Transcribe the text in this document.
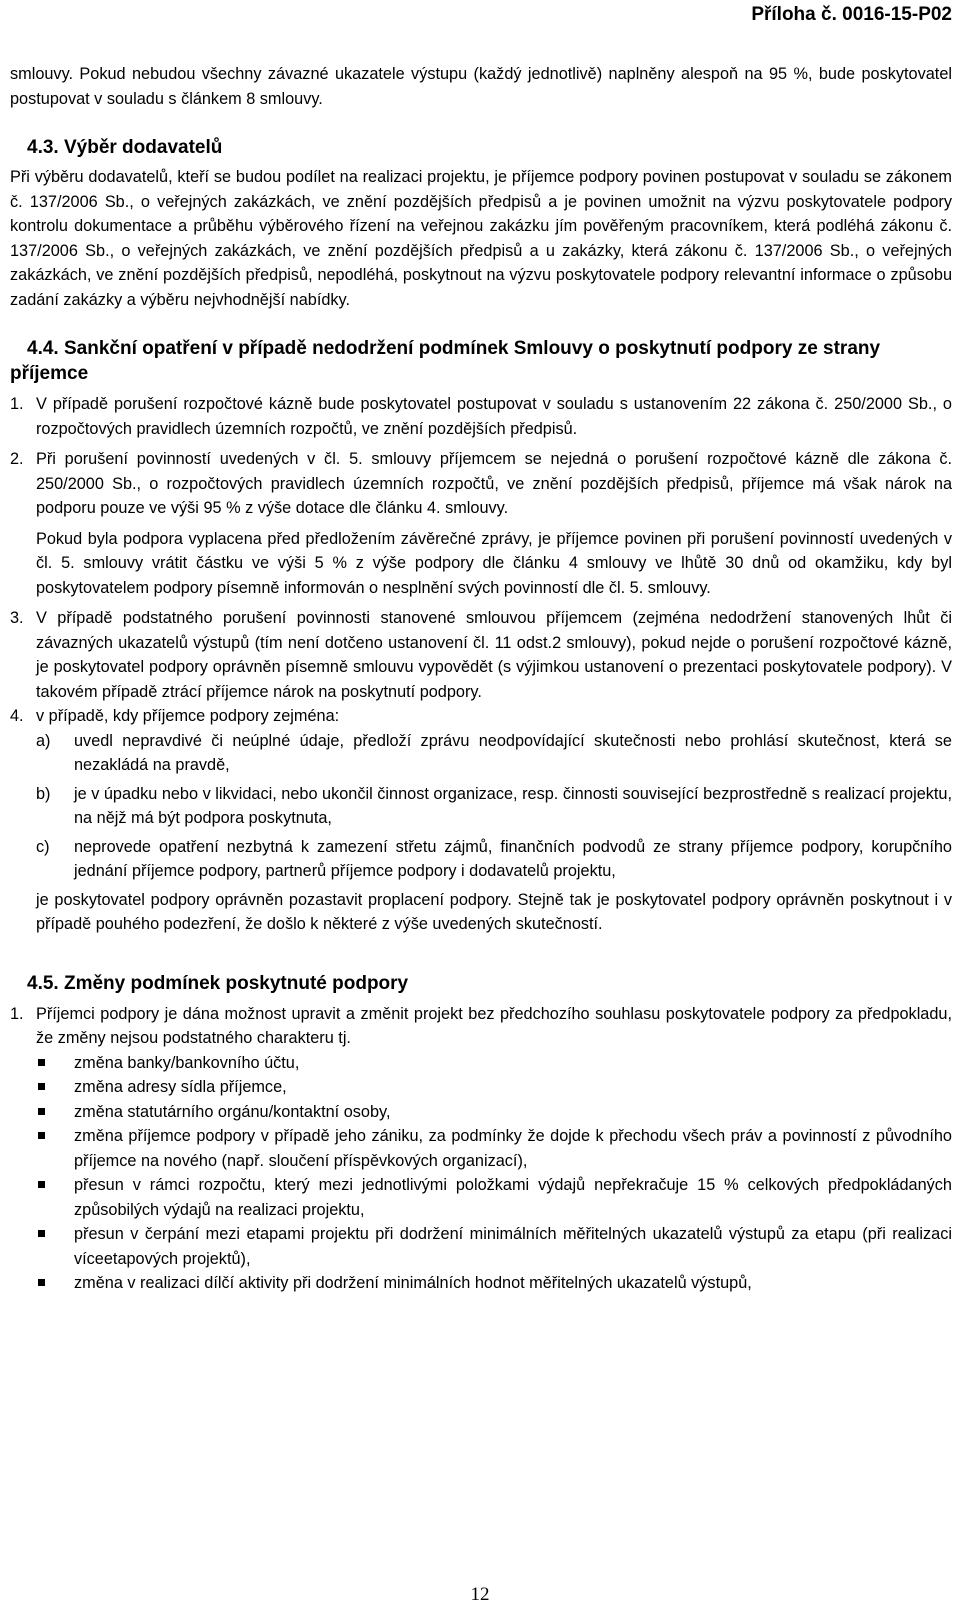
Příloha č. 0016-15-P02

smlouvy. Pokud nebudou všechny závazné ukazatele výstupu (každý jednotlivě) naplněny alespoň na 95 %, bude poskytovatel postupovat v souladu s článkem 8 smlouvy.

4.3. Výběr dodavatelů

Při výběru dodavatelů, kteří se budou podílet na realizaci projektu, je příjemce podpory povinen postupovat v souladu se zákonem č. 137/2006 Sb., o veřejných zakázkách, ve znění pozdějších předpisů a je povinen umožnit na výzvu poskytovatele podpory kontrolu dokumentace a průběhu výběrového řízení na veřejnou zakázku jím pověřeným pracovníkem, která podléhá zákonu č. 137/2006 Sb., o veřejných zakázkách, ve znění pozdějších předpisů a u zakázky, která zákonu č. 137/2006 Sb., o veřejných zakázkách, ve znění pozdějších předpisů, nepodléhá, poskytnout na výzvu poskytovatele podpory relevantní informace o způsobu zadání zakázky a výběru nejvhodnější nabídky.

4.4. Sankční opatření v případě nedodržení podmínek Smlouvy o poskytnutí podpory ze strany příjemce

1. V případě porušení rozpočtové kázně bude poskytovatel postupovat v souladu s ustanovením 22 zákona č. 250/2000 Sb., o rozpočtových pravidlech územních rozpočtů, ve znění pozdějších předpisů.

2. Při porušení povinností uvedených v čl. 5. smlouvy příjemcem se nejedná o porušení rozpočtové kázně dle zákona č. 250/2000 Sb., o rozpočtových pravidlech územních rozpočtů, ve znění pozdějších předpisů, příjemce má však nárok na podporu pouze ve výši 95 % z výše dotace dle článku 4. smlouvy.

Pokud byla podpora vyplacena před předložením závěrečné zprávy, je příjemce povinen při porušení povinností uvedených v čl. 5. smlouvy vrátit částku ve výši 5 % z výše podpory dle článku 4 smlouvy ve lhůtě 30 dnů od okamžiku, kdy byl poskytovatelem podpory písemně informován o nesplnění svých povinností dle čl. 5. smlouvy.

3. V případě podstatného porušení povinnosti stanovené smlouvou příjemcem (zejména nedodržení stanovených lhůt či závazných ukazatelů výstupů (tím není dotčeno ustanovení čl. 11 odst.2 smlouvy), pokud nejde o porušení rozpočtové kázně, je poskytovatel podpory oprávněn písemně smlouvu vypovědět (s výjimkou ustanovení o prezentaci poskytovatele podpory). V takovém případě ztrácí příjemce nárok na poskytnutí podpory.

4. v případě, kdy příjemce podpory zejména:

a) uvedl nepravdivé či neúplné údaje, předloží zprávu neodpovídající skutečnosti nebo prohlásí skutečnost, která se nezakládá na pravdě,

b) je v úpadku nebo v likvidaci, nebo ukončil činnost organizace, resp. činnosti související bezprostředně s realizací projektu, na nějž má být podpora poskytnuta,

c) neprovede opatření nezbytná k zamezení střetu zájmů, finančních podvodů ze strany příjemce podpory, korupčního jednání příjemce podpory, partnerů příjemce podpory i dodavatelů projektu,

je poskytovatel podpory oprávněn pozastavit proplacení podpory. Stejně tak je poskytovatel podpory oprávněn poskytnout i v případě pouhého podezření, že došlo k některé z výše uvedených skutečností.

4.5. Změny podmínek poskytnuté podpory

1. Příjemci podpory je dána možnost upravit a změnit projekt bez předchozího souhlasu poskytovatele podpory za předpokladu, že změny nejsou podstatného charakteru tj.

změna banky/bankovního účtu,

změna adresy sídla příjemce,

změna statutárního orgánu/kontaktní osoby,

změna příjemce podpory v případě jeho zániku, za podmínky že dojde k přechodu všech práv a povinností z původního příjemce na nového (např. sloučení příspěvkových organizací),

přesun v rámci rozpočtu, který mezi jednotlivými položkami výdajů nepřekračuje 15 % celkových předpokládaných způsobilých výdajů na realizaci projektu,

přesun v čerpání mezi etapami projektu při dodržení minimálních měřitelných ukazatelů výstupů za etapu (při realizaci víceetapových projektů),

změna v realizaci dílčí aktivity při dodržení minimálních hodnot měřitelných ukazatelů výstupů,

12
